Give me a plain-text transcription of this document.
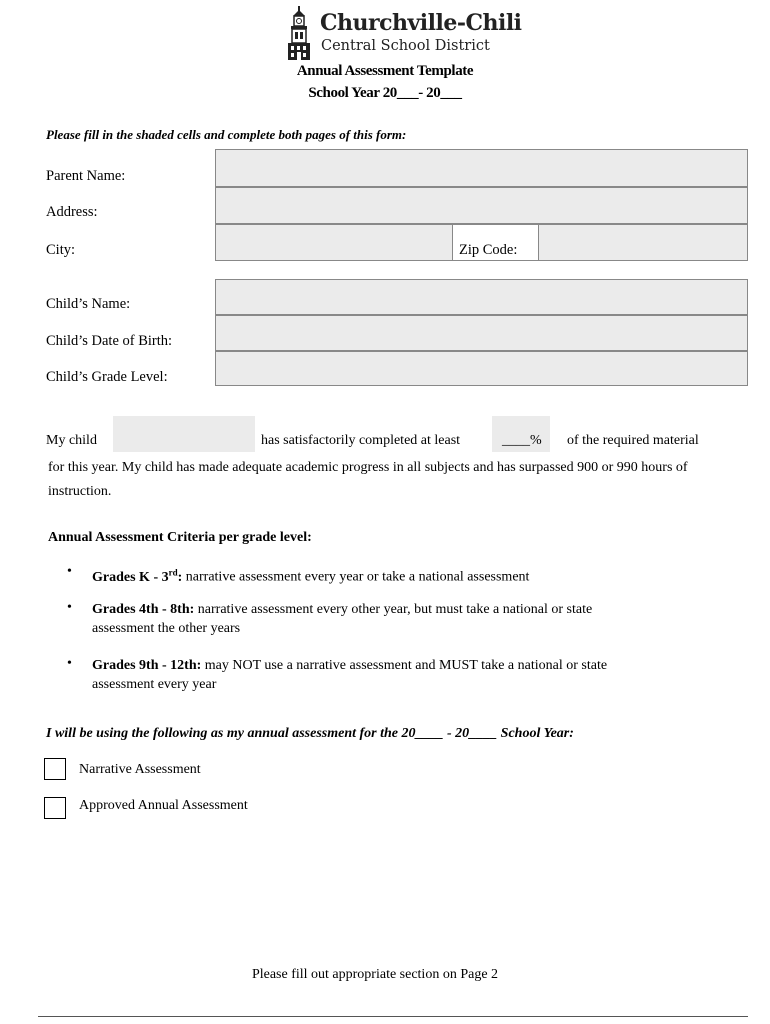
Churchville-Chili
Central School District
Annual Assessment Template
School Year 20___- 20___
Please fill in the shaded cells and complete both pages of this form:
Parent Name:
Address:
City:	Zip Code:
Child’s Name:
Child’s Date of Birth:
Child’s Grade Level:
My child	has satisfactorily completed at least	____% of the required material
for this year. My child has made adequate academic progress in all subjects and has surpassed 900 or 990 hours of
instruction.
Annual Assessment Criteria per grade level:
• Grades K - 3rd: narrative assessment every year or take a national assessment
• Grades 4th - 8th: narrative assessment every other year, but must take a national or state
assessment the other years
• Grades 9th - 12th: may NOT use a narrative assessment and MUST take a national or state
assessment every year
I will be using the following as my annual assessment for the 20____ - 20____ School Year:
Narrative Assessment
Approved Annual Assessment
Please fill out appropriate section on Page 2
